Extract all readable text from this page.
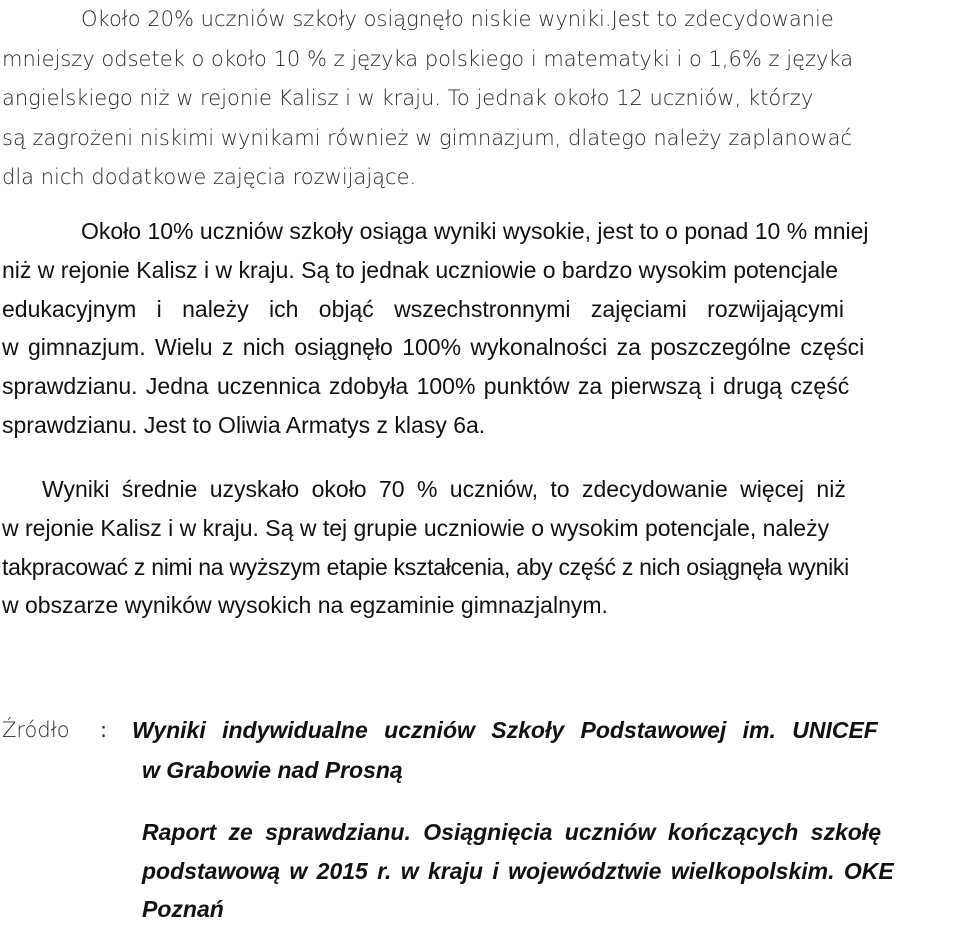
Około 20% uczniów szkoły osiągnęło niskie wyniki.Jest to zdecydowanie
mniejszy odsetek o około 10 % z języka polskiego i matematyki i o 1,6% z języka
angielskiego niż w rejonie Kalisz i w kraju. To jednak około 12 uczniów, którzy
są zagrożeni niskimi wynikami również w gimnazjum, dlatego należy zaplanować
dla nich dodatkowe zajęcia rozwijające.
Około 10% uczniów szkoły osiąga wyniki wysokie, jest to o ponad 10 % mniej
niż w rejonie Kalisz i w kraju. Są to jednak uczniowie o bardzo wysokim potencjale
edukacyjnym i należy ich objąć wszechstronnymi zajęciami rozwijającymi
w gimnazjum. Wielu z nich osiągnęło 100% wykonalności za poszczególne części
sprawdzianu. Jedna uczennica zdobyła 100% punktów za pierwszą i drugą część
sprawdzianu. Jest to Oliwia Armatys z klasy 6a.
Wyniki średnie uzyskało około 70 % uczniów, to zdecydowanie więcej niż
w rejonie Kalisz i w kraju. Są w tej grupie uczniowie o wysokim potencjale, należy
takpracować z nimi na wyższym etapie kształcenia, aby część z nich osiągnęła wyniki
w obszarze wyników wysokich na egzaminie gimnazjalnym.
Źródło : Wyniki indywidualne uczniów Szkoły Podstawowej im. UNICEF
w Grabowie nad Prosną
Raport ze sprawdzianu. Osiągnięcia uczniów kończących szkołę
podstawową w 2015 r. w kraju i województwie wielkopolskim. OKE
Poznań
